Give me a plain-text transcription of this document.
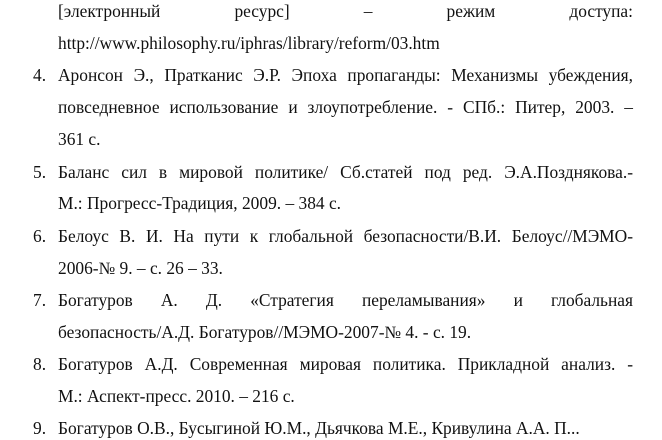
[электронный ресурс] – режим доступа:
http://www.philosophy.ru/iphras/library/reform/03.htm
4. Аронсон Э., Пратканис Э.Р. Эпоха пропаганды: Механизмы убеждения,
повседневное использование и злоупотребление. - СПб.: Питер, 2003. –
361 с.
5. Баланс сил в мировой политике/ Сб.статей под ред. Э.А.Позднякова.-
М.: Прогресс-Традиция, 2009. – 384 с.
6. Белоус В. И. На пути к глобальной безопасности/В.И. Белоус//МЭМО-
2006-№ 9. – с. 26 – 33.
7. Богатуров А. Д. «Стратегия переламывания» и глобальная
безопасность/А.Д. Богатуров//МЭМО-2007-№ 4. - с. 19.
8. Богатуров А.Д. Современная мировая политика. Прикладной анализ. -
М.: Аспект-пресс. 2010. – 216 с.
9. Богатуров О.В., Бусыгиной Ю.М., Дьячкова М.Е., Кривулина А.А. П...
